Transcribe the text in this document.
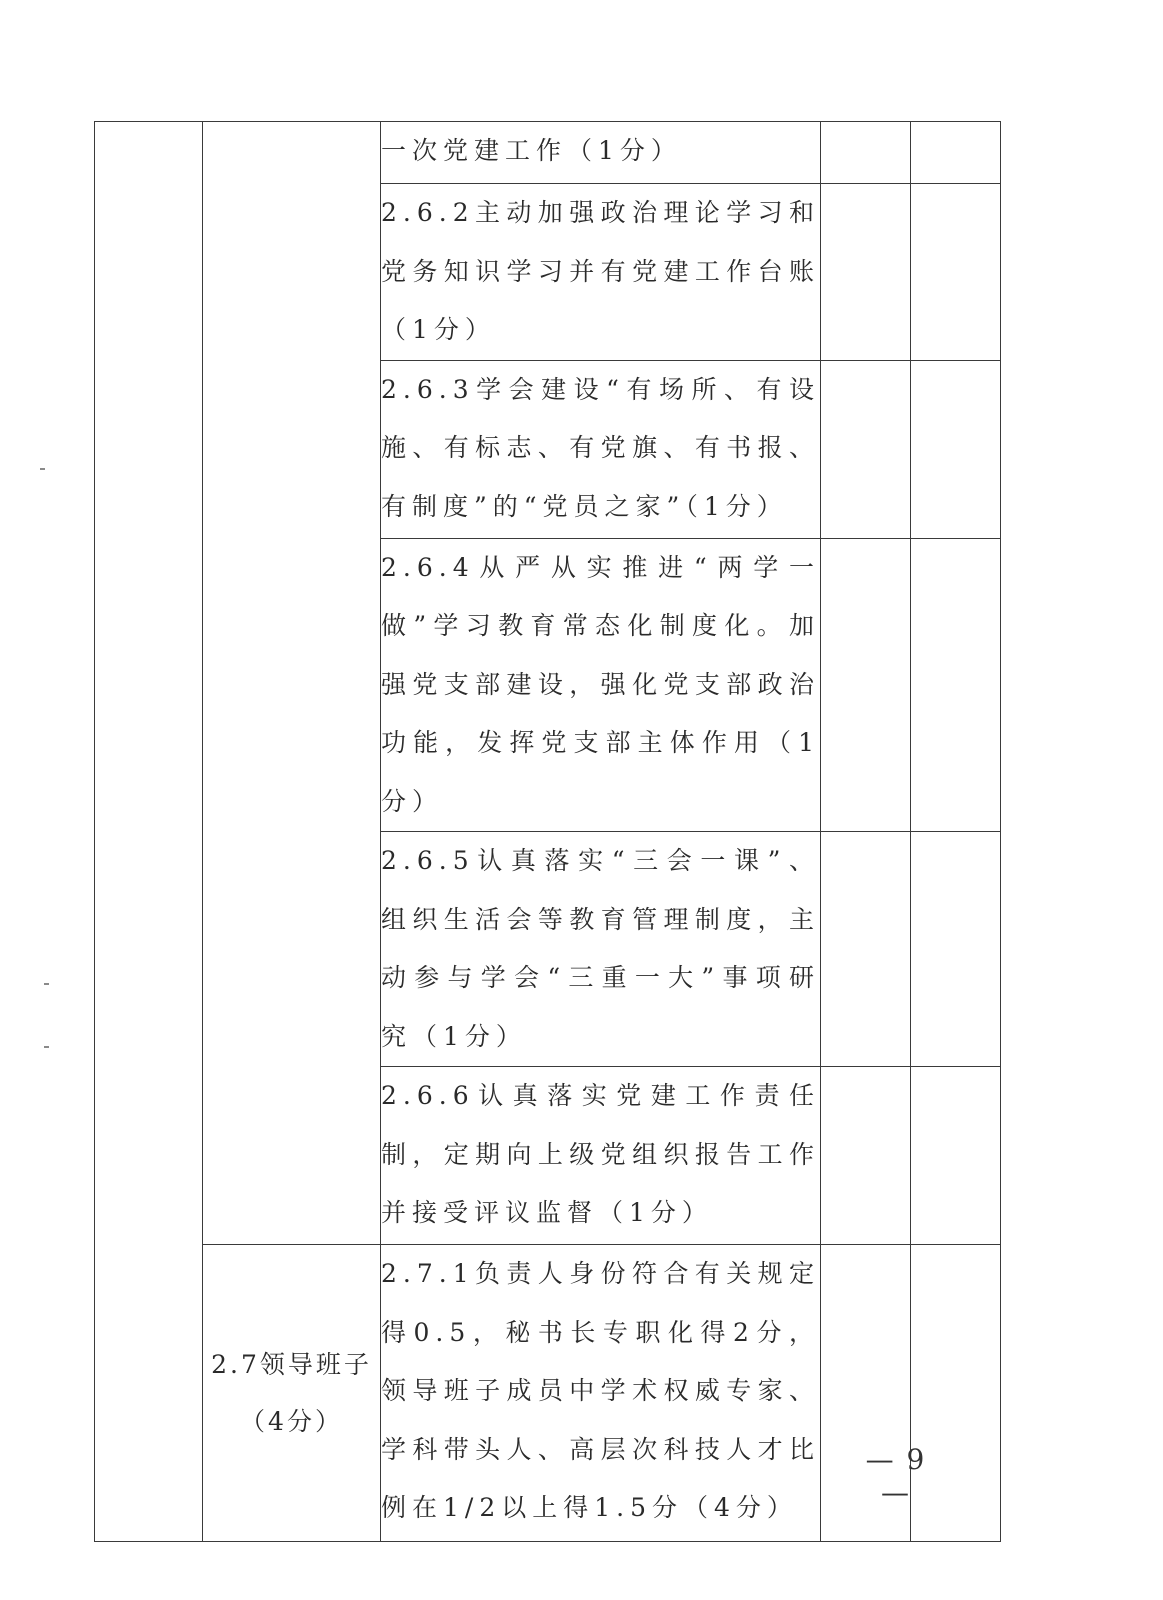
		一次党建工作（1分）		
		2.6.2主动加强政治理论学习和党务知识学习并有党建工作台账（1分）		
		2.6.3学会建设“有场所、有设施、有标志、有党旗、有书报、有制度”的“党员之家”（1分）		
		2.6.4从严从实推进“两学一做”学习教育常态化制度化。加强党支部建设，强化党支部政治功能，发挥党支部主体作用（1分）		
		2.6.5认真落实“三会一课”、组织生活会等教育管理制度，主动参与学会“三重一大”事项研究（1分）		
		2.6.6认真落实党建工作责任制，定期向上级党组织报告工作并接受评议监督（1分）		
	2.7领导班子（4分）	2.7.1负责人身份符合有关规定得0.5，秘书长专职化得2分，领导班子成员中学术权威专家、学科带头人、高层次科技人才比例在1/2以上得1.5分（4分）		
— 9 —
